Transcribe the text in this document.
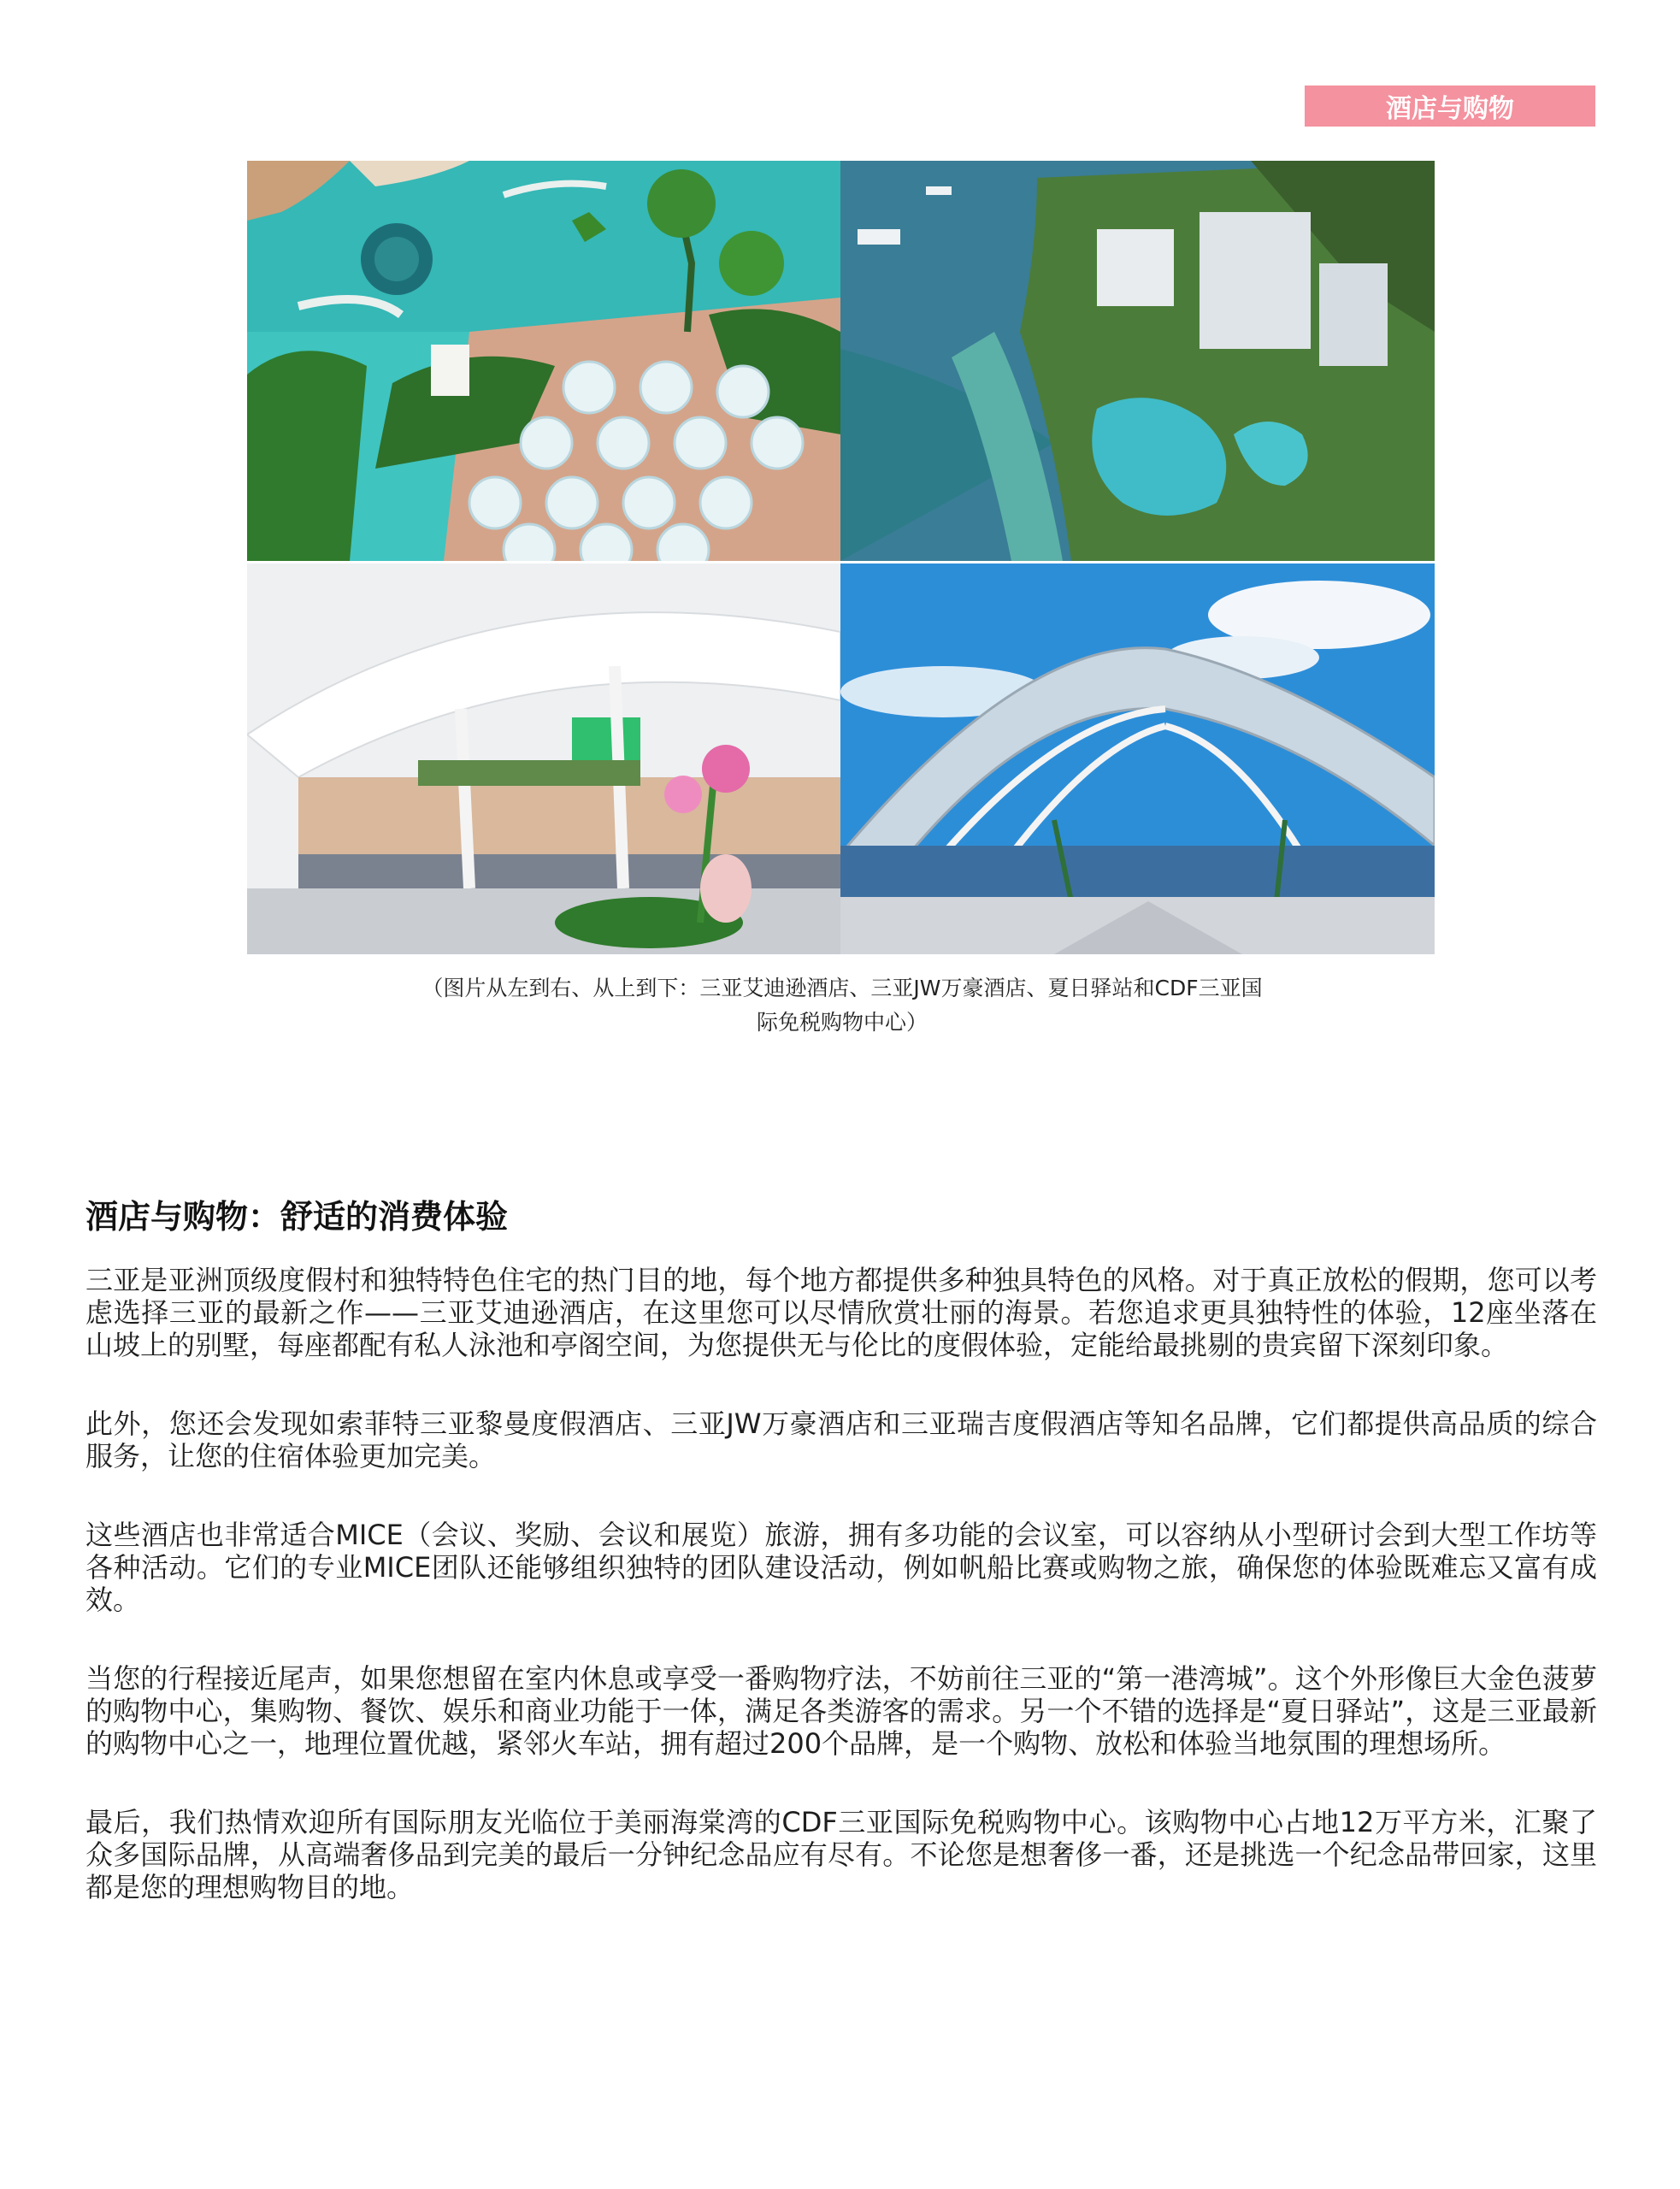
酒店与购物
（图片从左到右、从上到下：三亚艾迪逊酒店、三亚JW万豪酒店、夏日驿站和CDF三亚国
际免税购物中心）
酒店与购物：舒适的消费体验

三亚是亚洲顶级度假村和独特特色住宅的热门目的地，每个地方都提供多种独具特色的风格。对于真正放松的假期，您可以考虑选择三亚的最新之作——三亚艾迪逊酒店，在这里您可以尽情欣赏壮丽的海景。若您追求更具独特性的体验，12座坐落在山坡上的别墅，每座都配有私人泳池和亭阁空间，为您提供无与伦比的度假体验，定能给最挑剔的贵宾留下深刻印象。

此外，您还会发现如索菲特三亚黎曼度假酒店、三亚JW万豪酒店和三亚瑞吉度假酒店等知名品牌，它们都提供高品质的综合服务，让您的住宿体验更加完美。

这些酒店也非常适合MICE（会议、奖励、会议和展览）旅游，拥有多功能的会议室，可以容纳从小型研讨会到大型工作坊等各种活动。它们的专业MICE团队还能够组织独特的团队建设活动，例如帆船比赛或购物之旅，确保您的体验既难忘又富有成效。

当您的行程接近尾声，如果您想留在室内休息或享受一番购物疗法，不妨前往三亚的“第一港湾城”。这个外形像巨大金色菠萝的购物中心，集购物、餐饮、娱乐和商业功能于一体，满足各类游客的需求。另一个不错的选择是“夏日驿站”，这是三亚最新的购物中心之一，地理位置优越，紧邻火车站，拥有超过200个品牌，是一个购物、放松和体验当地氛围的理想场所。

最后，我们热情欢迎所有国际朋友光临位于美丽海棠湾的CDF三亚国际免税购物中心。该购物中心占地12万平方米，汇聚了众多国际品牌，从高端奢侈品到完美的最后一分钟纪念品应有尽有。不论您是想奢侈一番，还是挑选一个纪念品带回家，这里都是您的理想购物目的地。
